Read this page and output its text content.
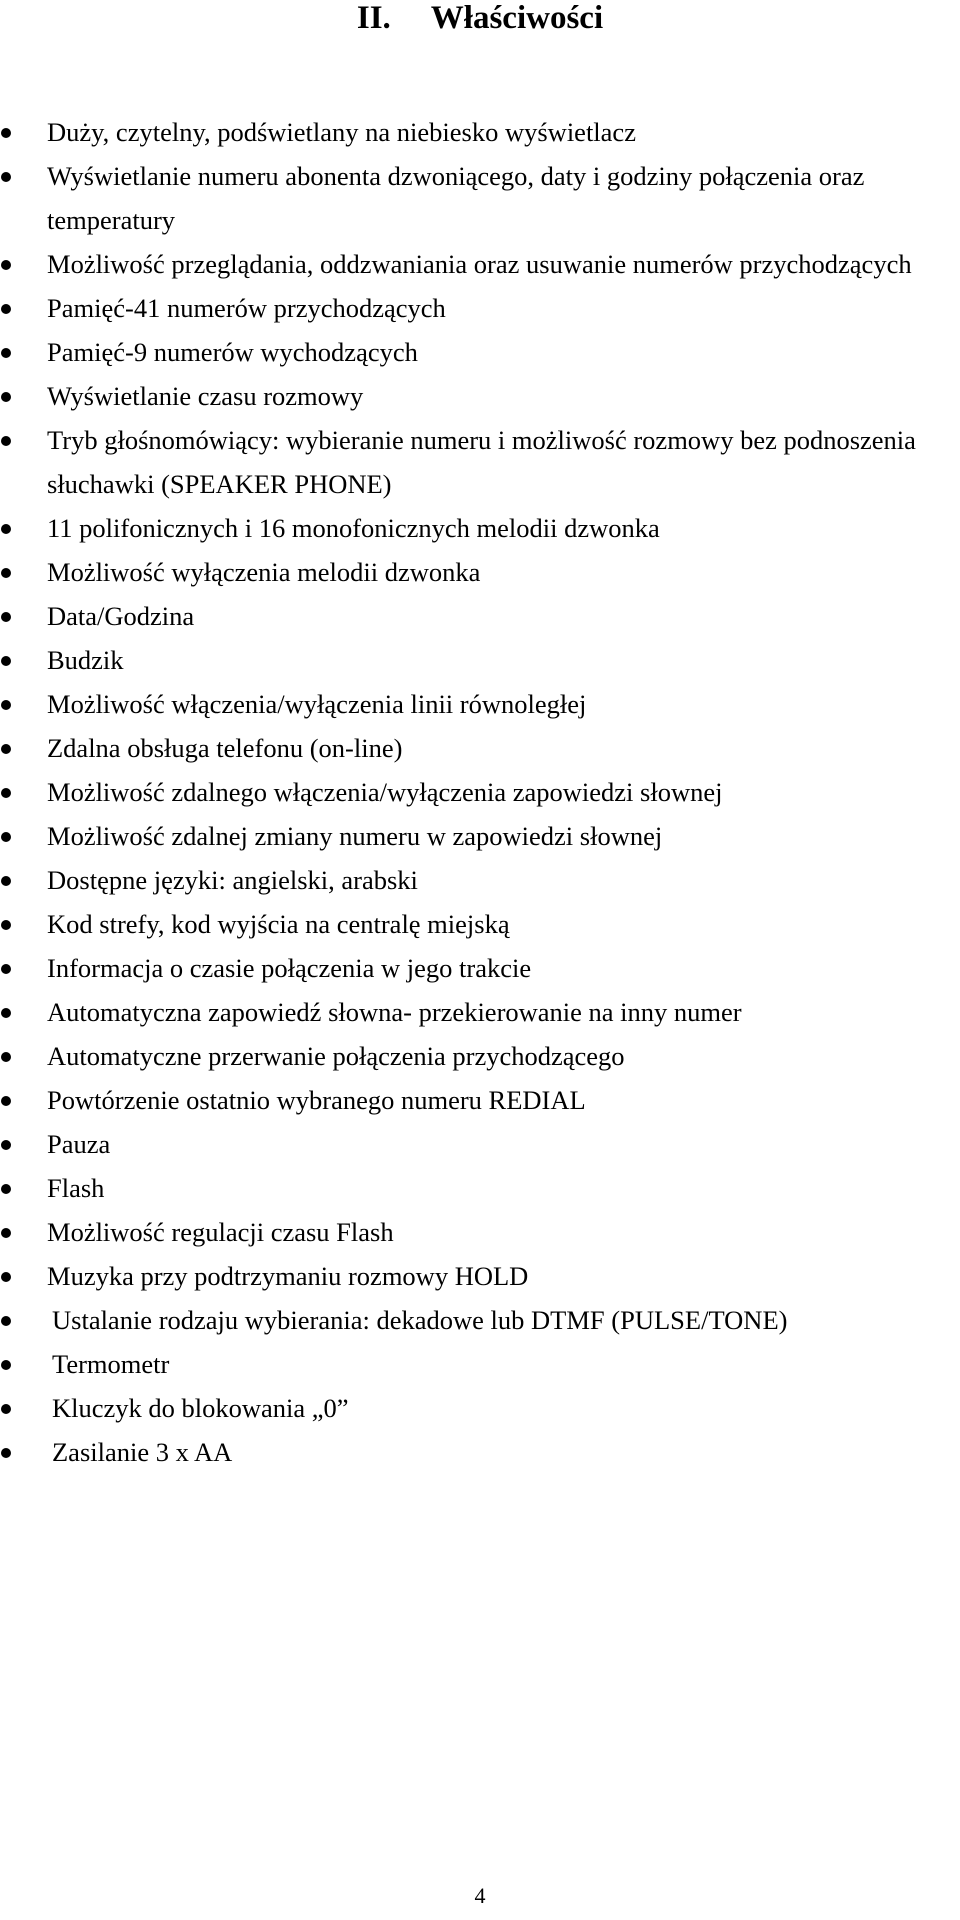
II. Właściwości
Duży, czytelny, podświetlany na niebiesko wyświetlacz
Wyświetlanie numeru abonenta dzwoniącego, daty i godziny połączenia oraz temperatury
Możliwość przeglądania, oddzwaniania oraz usuwanie numerów przychodzących
Pamięć-41 numerów przychodzących
Pamięć-9 numerów wychodzących
Wyświetlanie czasu rozmowy
Tryb głośnomówiący: wybieranie numeru i możliwość rozmowy bez podnoszenia słuchawki (SPEAKER PHONE)
11 polifonicznych i 16 monofonicznych melodii dzwonka
Możliwość wyłączenia melodii dzwonka
Data/Godzina
Budzik
Możliwość włączenia/wyłączenia linii równoległej
Zdalna obsługa telefonu (on-line)
Możliwość zdalnego włączenia/wyłączenia zapowiedzi słownej
Możliwość zdalnej zmiany numeru w zapowiedzi słownej
Dostępne języki: angielski, arabski
Kod strefy, kod wyjścia na centralę miejską
Informacja o czasie połączenia w jego trakcie
Automatyczna zapowiedź słowna- przekierowanie na inny numer
Automatyczne przerwanie połączenia przychodzącego
Powtórzenie ostatnio wybranego numeru REDIAL
Pauza
Flash
Możliwość regulacji czasu Flash
Muzyka przy podtrzymaniu rozmowy HOLD
Ustalanie rodzaju wybierania: dekadowe lub DTMF (PULSE/TONE)
Termometr
Kluczyk do blokowania „0”
Zasilanie 3 x AA
4
